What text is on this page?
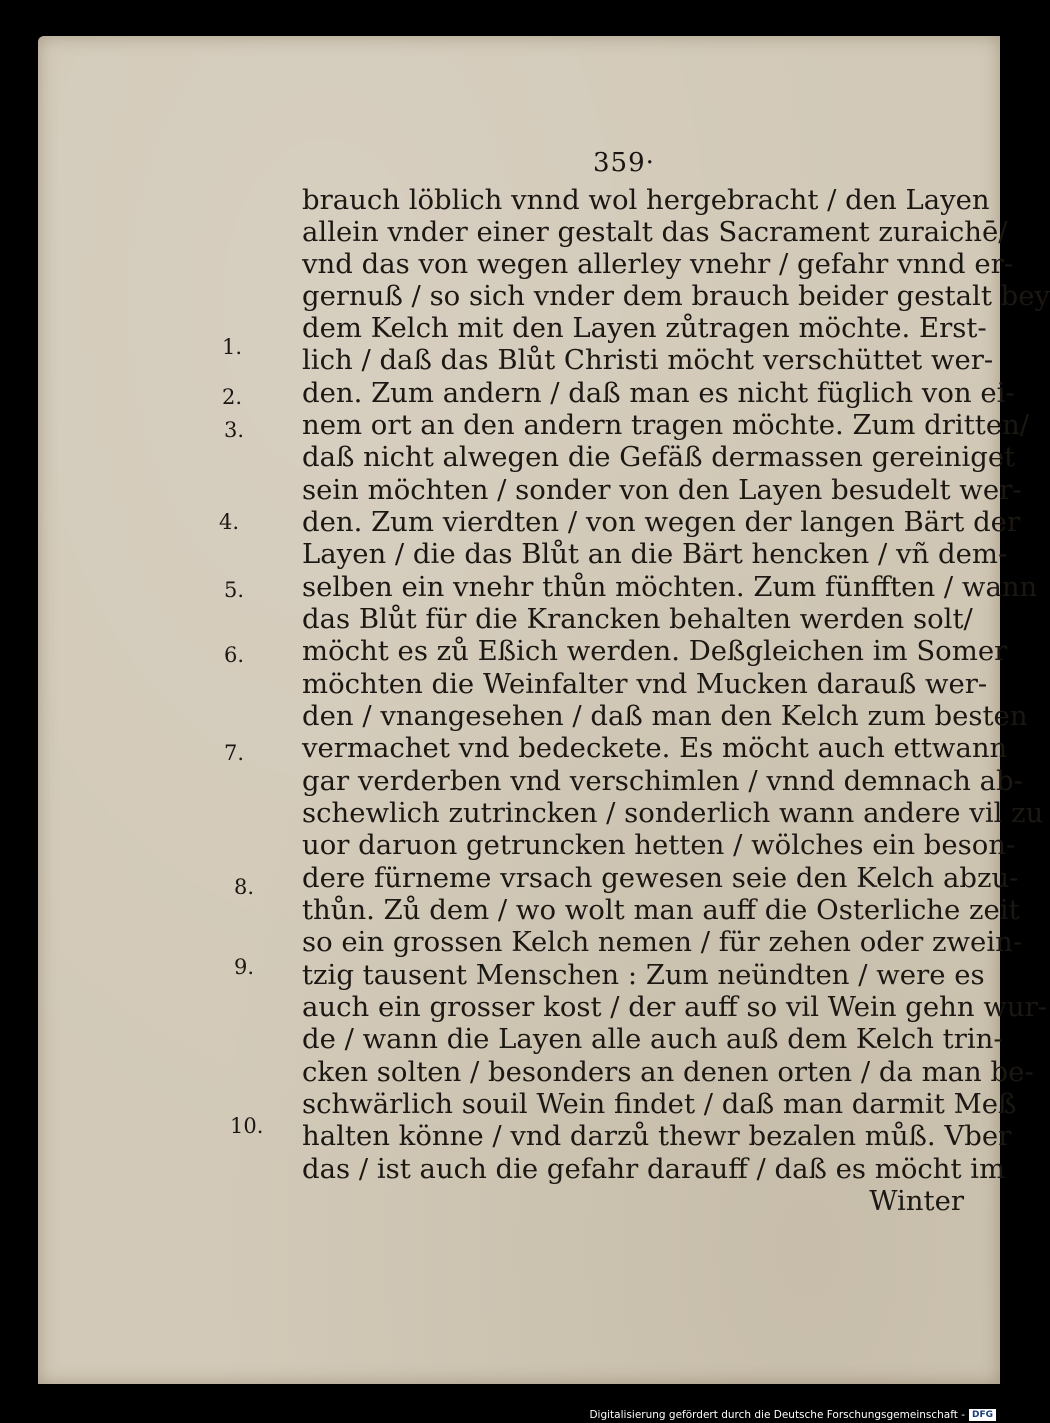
359·
brauch löblich vnnd wol hergebracht / den Layen
allein vnder einer gestalt das Sacrament zuraichē/
vnd das von wegen allerley vnehr / gefahr vnnd er-
gernuß / so sich vnder dem brauch beider gestalt bey
dem Kelch mit den Layen zůtragen möchte. Erst-
lich / daß das Blůt Christi möcht verschüttet wer-
den. Zum andern / daß man es nicht füglich von ei-
nem ort an den andern tragen möchte. Zum dritten/
daß nicht alwegen die Gefäß dermassen gereiniget
sein möchten / sonder von den Layen besudelt wer-
den. Zum vierdten / von wegen der langen Bärt der
Layen / die das Blůt an die Bärt hencken / vñ dem-
selben ein vnehr thůn möchten. Zum fünfften / wann
das Blůt für die Krancken behalten werden solt/
möcht es zů Eßich werden. Deßgleichen im Somer
möchten die Weinfalter vnd Mucken darauß wer-
den / vnangesehen / daß man den Kelch zum besten
vermachet vnd bedeckete. Es möcht auch ettwann
gar verderben vnd verschimlen / vnnd demnach ab-
schewlich zutrincken / sonderlich wann andere vil zu
uor daruon getruncken hetten / wölches ein beson-
dere fürneme vrsach gewesen seie den Kelch abzu-
thůn. Zů dem / wo wolt man auff die Osterliche zeit
so ein grossen Kelch nemen / für zehen oder zwein-
tzig tausent Menschen : Zum neündten / were es
auch ein grosser kost / der auff so vil Wein gehn wur-
de / wann die Layen alle auch auß dem Kelch trin-
cken solten / besonders an denen orten / da man be-
schwärlich souil Wein findet / daß man darmit Meß
halten könne / vnd darzů thewr bezalen můß. Vber
das / ist auch die gefahr darauff / daß es möcht im
Winter
1.
2.
3.
4.
5.
6.
7.
8.
9.
10.
Digitalisierung gefördert durch die Deutsche Forschungsgemeinschaft - DFG
